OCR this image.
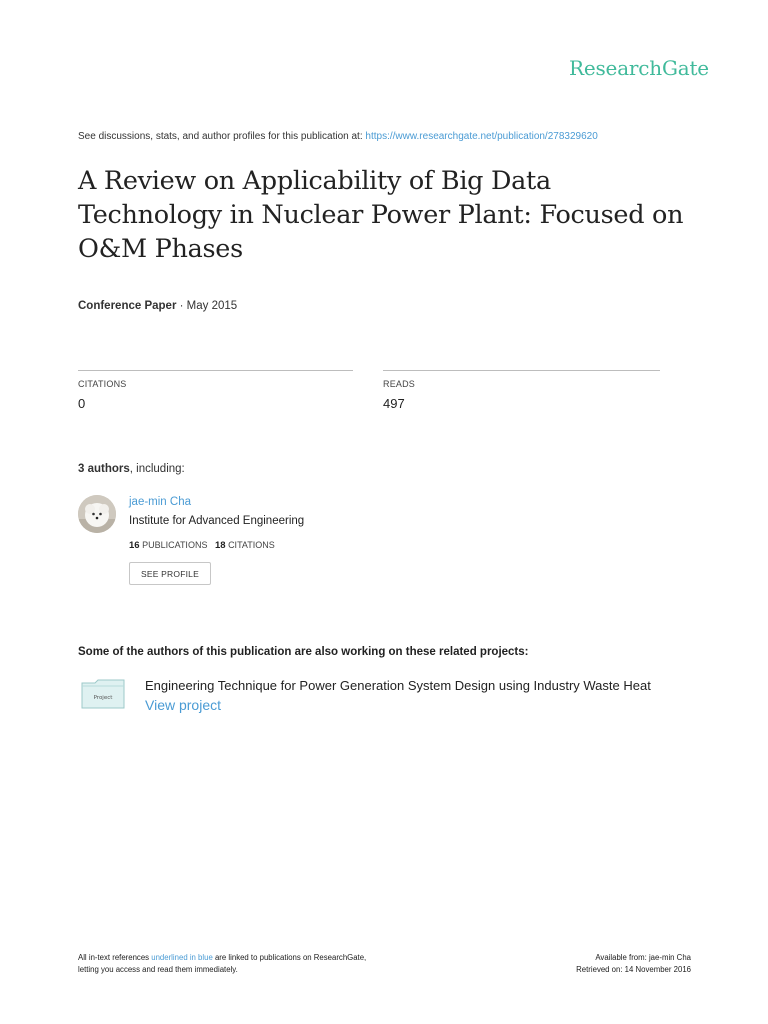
ResearchGate
See discussions, stats, and author profiles for this publication at: https://www.researchgate.net/publication/278329620
A Review on Applicability of Big Data
Technology in Nuclear Power Plant: Focused on
O&M Phases
Conference Paper · May 2015
CITATIONS
0
READS
497
3 authors, including:
jae-min Cha
Institute for Advanced Engineering
16 PUBLICATIONS 18 CITATIONS
SEE PROFILE
Some of the authors of this publication are also working on these related projects:
Project
Engineering Technique for Power Generation System Design using Industry Waste Heat
View project
All in-text references underlined in blue are linked to publications on ResearchGate,
letting you access and read them immediately.
Available from: jae-min Cha
Retrieved on: 14 November 2016
